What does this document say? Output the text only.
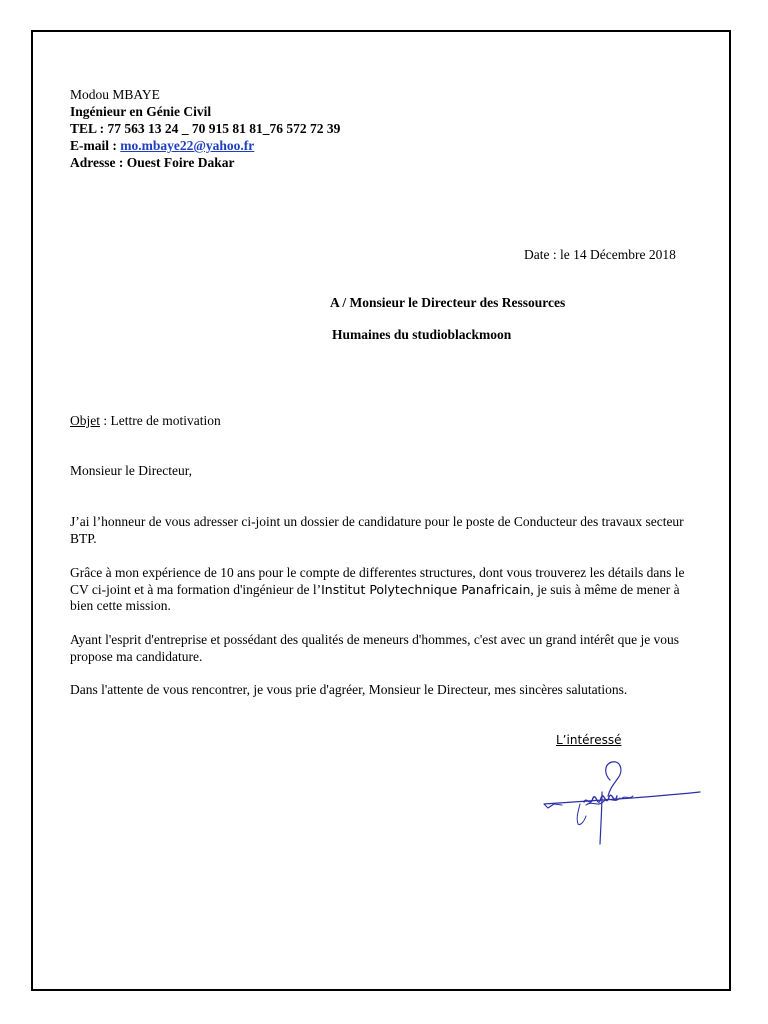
Modou MBAYE
Ingénieur en Génie Civil
TEL : 77 563 13 24 _ 70 915 81 81_76 572 72 39
E-mail : mo.mbaye22@yahoo.fr
Adresse : Ouest Foire Dakar
Date : le 14 Décembre 2018
A / Monsieur le Directeur des Ressources
Humaines du studioblackmoon
Objet : Lettre de motivation
Monsieur le Directeur,

J’ai l’honneur de vous adresser ci-joint un dossier de candidature pour le poste de Conducteur des travaux secteur BTP.

Grâce à mon expérience de 10 ans pour le compte de differentes structures, dont vous trouverez les détails dans le CV ci-joint et à ma formation d'ingénieur de l’Institut Polytechnique Panafricain, je suis à même de mener à bien cette mission.

Ayant l'esprit d'entreprise et possédant des qualités de meneurs d'hommes, c'est avec un grand intérêt que je vous propose ma candidature.

Dans l'attente de vous rencontrer, je vous prie d'agréer, Monsieur le Directeur, mes sincères salutations.

L’intéressé
